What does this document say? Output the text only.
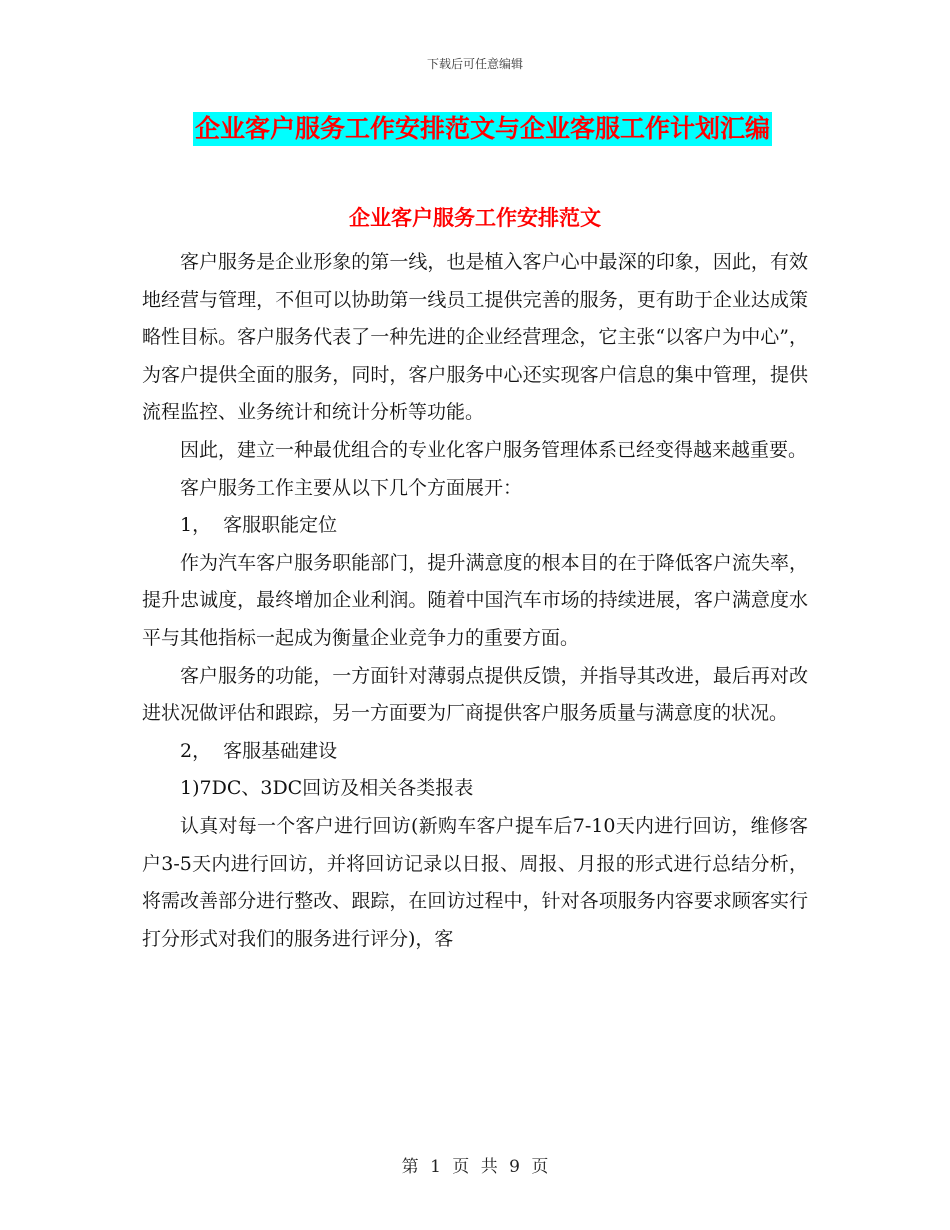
下载后可任意编辑
企业客户服务工作安排范文与企业客服工作计划汇编
企业客户服务工作安排范文

客户服务是企业形象的第一线，也是植入客户心中最深的印象，因此，有效地经营与管理，不但可以协助第一线员工提供完善的服务，更有助于企业达成策略性目标。客户服务代表了一种先进的企业经营理念，它主张“以客户为中心”，为客户提供全面的服务，同时，客户服务中心还实现客户信息的集中管理，提供流程监控、业务统计和统计分析等功能。

因此，建立一种最优组合的专业化客户服务管理体系已经变得越来越重要。

客户服务工作主要从以下几个方面展开：

1，  客服职能定位

作为汽车客户服务职能部门，提升满意度的根本目的在于降低客户流失率，提升忠诚度，最终增加企业利润。随着中国汽车市场的持续进展，客户满意度水平与其他指标一起成为衡量企业竞争力的重要方面。

客户服务的功能，一方面针对薄弱点提供反馈，并指导其改进，最后再对改进状况做评估和跟踪，另一方面要为厂商提供客户服务质量与满意度的状况。

2，  客服基础建设

1)7DC、3DC回访及相关各类报表

认真对每一个客户进行回访(新购车客户提车后7-10天内进行回访，维修客户3-5天内进行回访，并将回访记录以日报、周报、月报的形式进行总结分析，将需改善部分进行整改、跟踪，在回访过程中，针对各项服务内容要求顾客实行打分形式对我们的服务进行评分)，客

第 1 页 共 9 页
